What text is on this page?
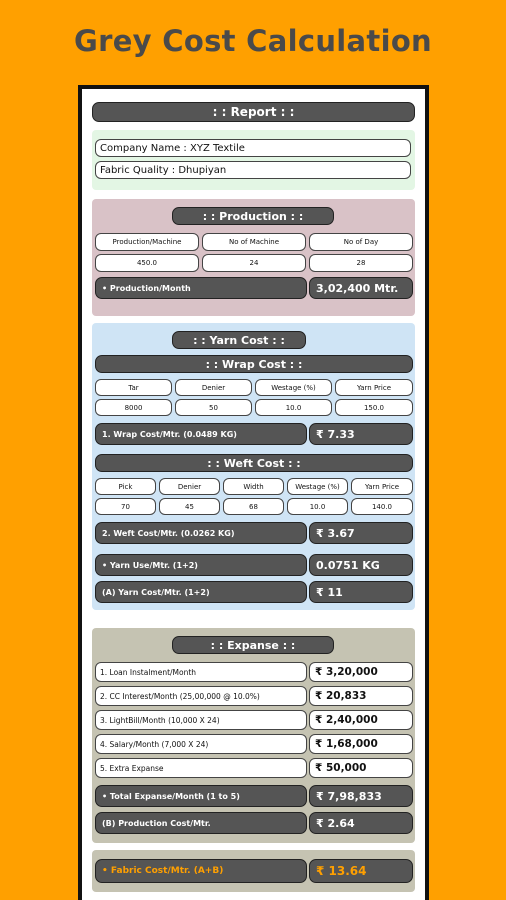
Grey Cost Calculation
: : Report : :
Company Name : XYZ Textile
Fabric Quality : Dhupiyan
: : Production : :
Production/Machine	No of Machine	No of Day
450.0	24	28
• Production/Month	3,02,400 Mtr.
: : Yarn Cost : :
: : Wrap Cost : :
Tar	Denier	Westage (%)	Yarn Price
8000	50	10.0	150.0
1. Wrap Cost/Mtr. (0.0489 KG)	₹ 7.33
: : Weft Cost : :
Pick	Denier	Width	Westage (%)	Yarn Price
70	45	68	10.0	140.0
2. Weft Cost/Mtr. (0.0262 KG)	₹ 3.67
• Yarn Use/Mtr. (1+2)	0.0751 KG
(A) Yarn Cost/Mtr. (1+2)	₹ 11
: : Expanse : :
1. Loan Instalment/Month	₹ 3,20,000
2. CC Interest/Month (25,00,000 @ 10.0%)	₹ 20,833
3. LightBill/Month (10,000 X 24)	₹ 2,40,000
4. Salary/Month (7,000 X 24)	₹ 1,68,000
5. Extra Expanse	₹ 50,000
• Total Expanse/Month (1 to 5)	₹ 7,98,833
(B) Production Cost/Mtr.	₹ 2.64
• Fabric Cost/Mtr. (A+B)	₹ 13.64
